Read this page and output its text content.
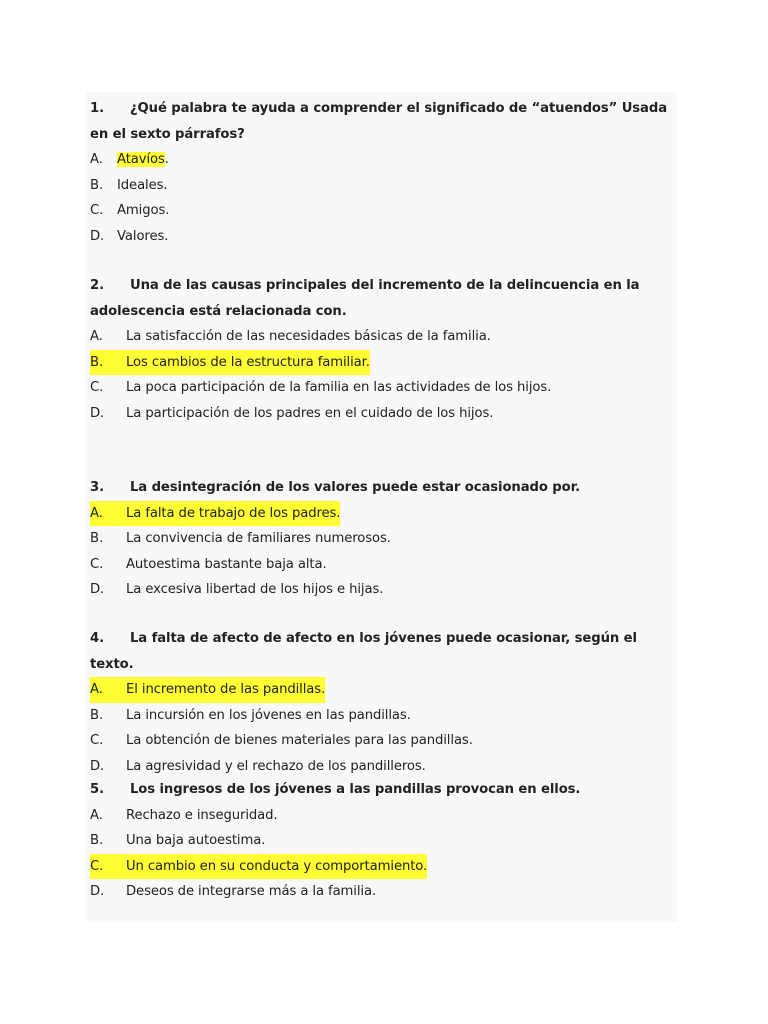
1. ¿Qué palabra te ayuda a comprender el significado de “atuendos” Usada en el sexto párrafos?
A. Atavíos.
B. Ideales.
C. Amigos.
D. Valores.
2. Una de las causas principales del incremento de la delincuencia en la adolescencia está relacionada con.
A. La satisfacción de las necesidades básicas de la familia.
B. Los cambios de la estructura familiar.
C. La poca participación de la familia en las actividades de los hijos.
D. La participación de los padres en el cuidado de los hijos.
3. La desintegración de los valores puede estar ocasionado por.
A. La falta de trabajo de los padres.
B. La convivencia de familiares numerosos.
C. Autoestima bastante baja alta.
D. La excesiva libertad de los hijos e hijas.
4. La falta de afecto de afecto en los jóvenes puede ocasionar, según el texto.
A. El incremento de las pandillas.
B. La incursión en los jóvenes en las pandillas.
C. La obtención de bienes materiales para las pandillas.
D. La agresividad y el rechazo de los pandilleros.
5. Los ingresos de los jóvenes a las pandillas provocan en ellos.
A. Rechazo e inseguridad.
B. Una baja autoestima.
C. Un cambio en su conducta y comportamiento.
D. Deseos de integrarse más a la familia.
